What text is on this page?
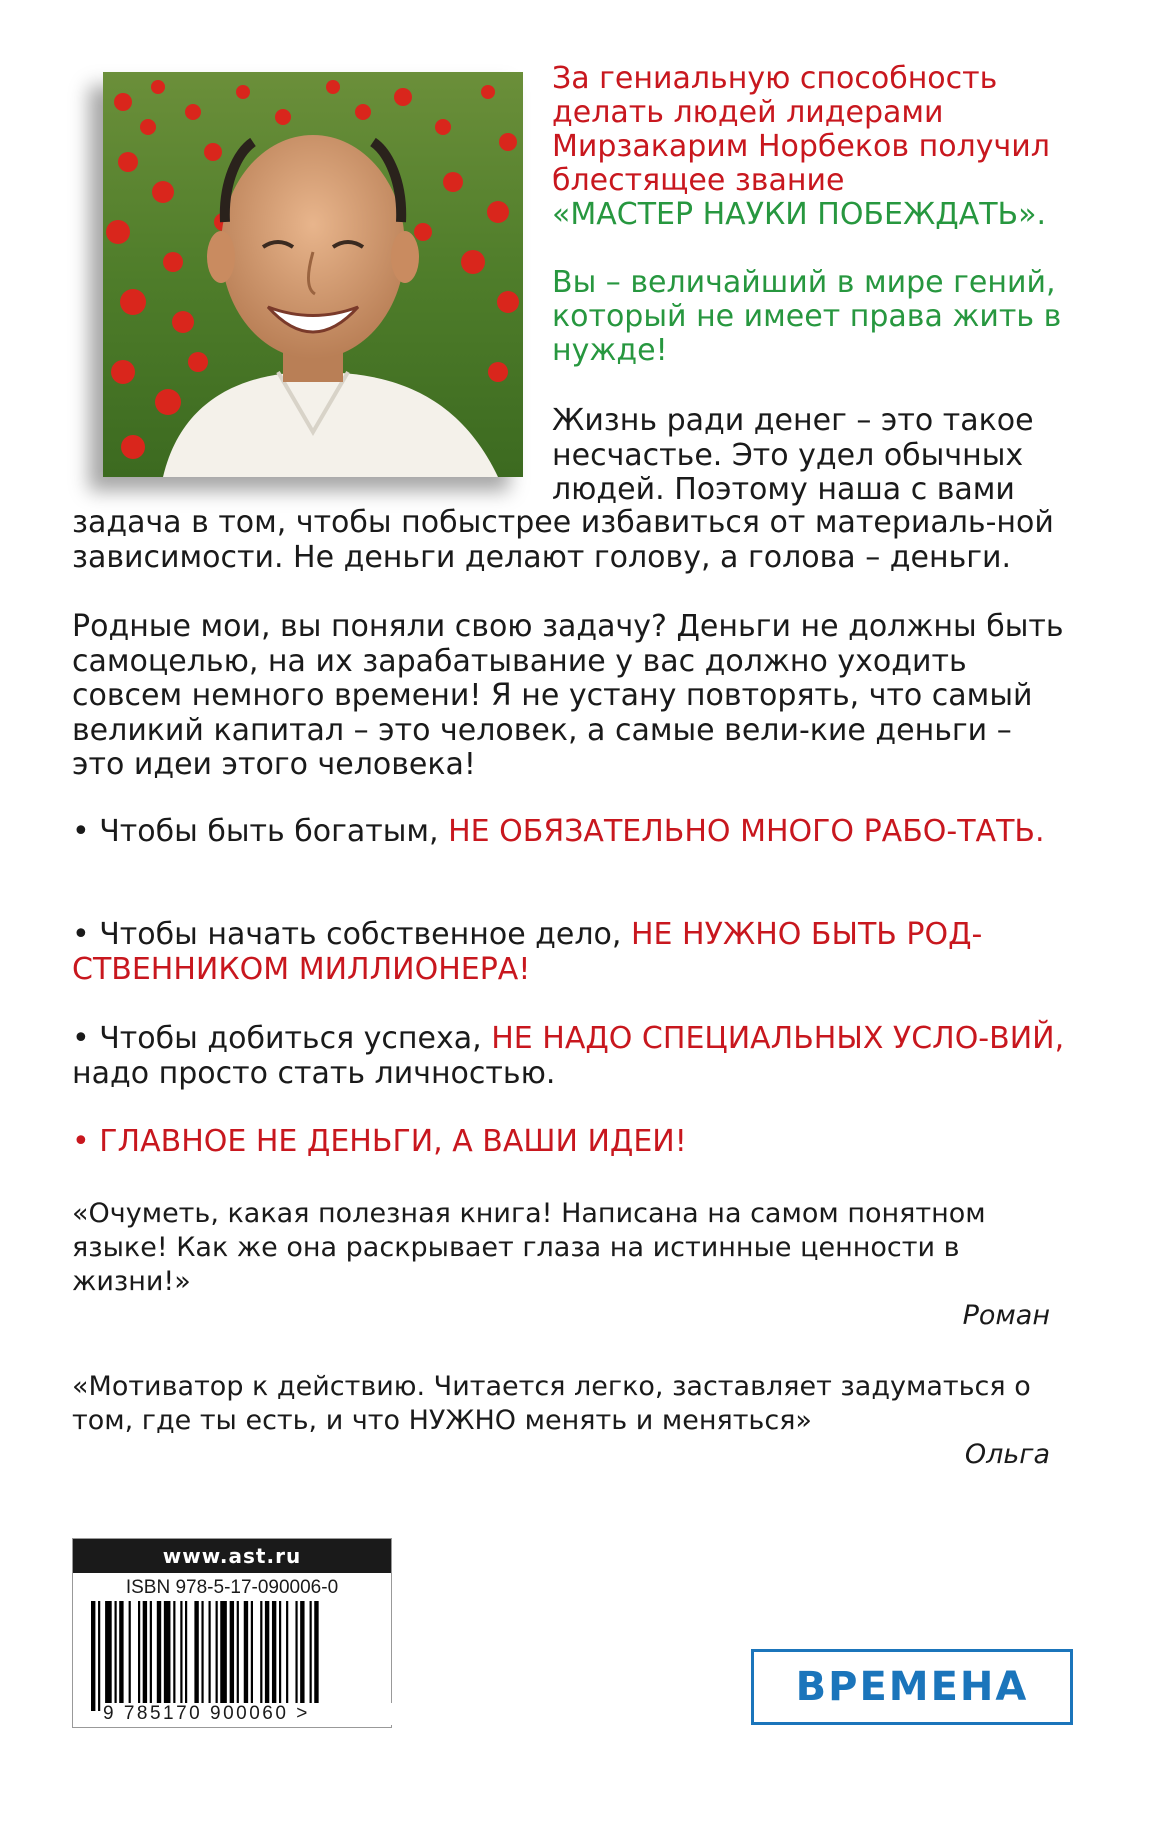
За гениальную способность делать людей лидерами Мирзакарим Норбеков получил блестящее звание
«МАСТЕР НАУКИ ПОБЕЖДАТЬ».

Вы – величайший в мире гений, который не имеет права жить в нужде!

Жизнь ради денег – это такое несчастье. Это удел обычных людей. Поэтому наша с вами

задача в том, чтобы побыстрее избавиться от материаль-ной зависимости. Не деньги делают голову, а голова – деньги.

Родные мои, вы поняли свою задачу? Деньги не должны быть самоцелью, на их зарабатывание у вас должно уходить совсем немного времени! Я не устану повторять, что самый великий капитал – это человек, а самые вели-кие деньги – это идеи этого человека!

• Чтобы быть богатым, НЕ ОБЯЗАТЕЛЬНО МНОГО РАБО-ТАТЬ.

• Чтобы начать собственное дело, НЕ НУЖНО БЫТЬ РОД-СТВЕННИКОМ МИЛЛИОНЕРА!

• Чтобы добиться успеха, НЕ НАДО СПЕЦИАЛЬНЫХ УСЛО-ВИЙ, надо просто стать личностью.

• ГЛАВНОЕ НЕ ДЕНЬГИ, А ВАШИ ИДЕИ!

«Очуметь, какая полезная книга! Написана на самом понятном языке! Как же она раскрывает глаза на истинные ценности в жизни!»

Роман

«Мотиватор к действию. Читается легко, заставляет задуматься о том, где ты есть, и что НУЖНО менять и меняться»

Ольга

www.ast.ru
ISBN 978-5-17-090006-0
9 785170 900060 >
ВРЕМЕНА
